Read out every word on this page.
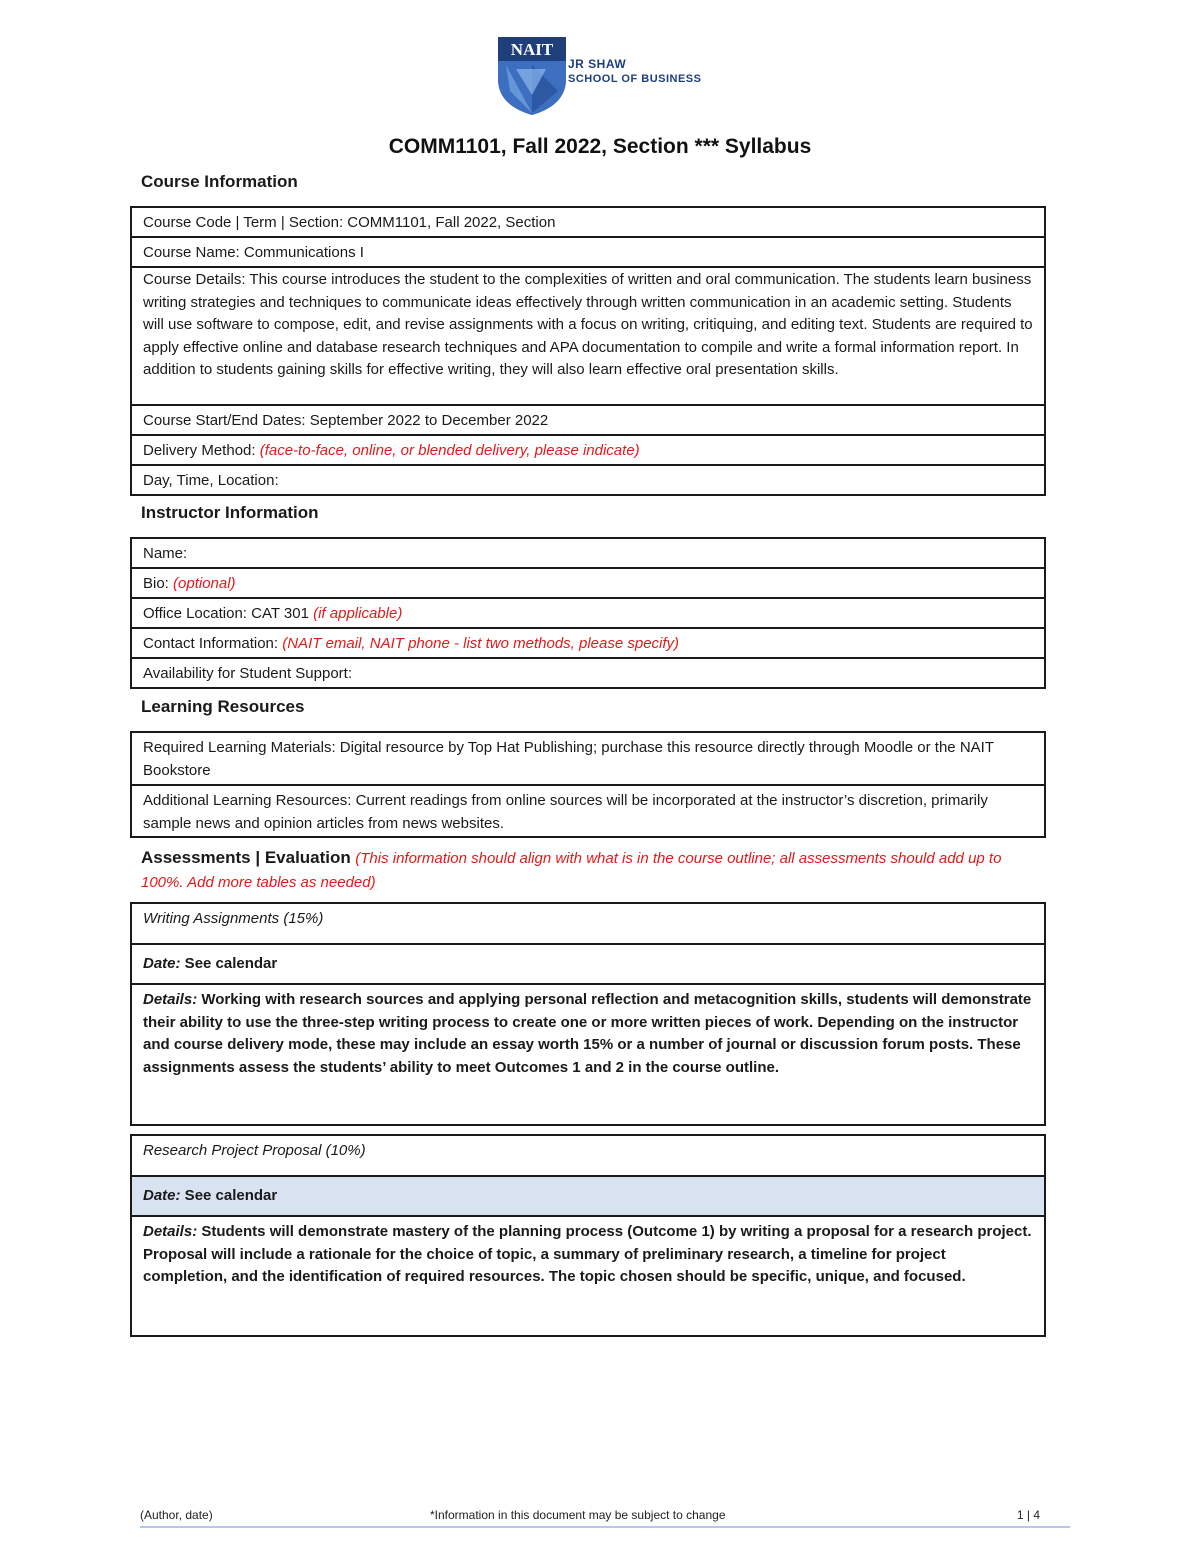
NAIT
JR SHAW
SCHOOL OF BUSINESS
COMM1101, Fall 2022, Section *** Syllabus
Course Information
Course Code | Term | Section: COMM1101, Fall 2022, Section
Course Name: Communications I
Course Details: This course introduces the student to the complexities of written and oral communication. The students learn business writing strategies and techniques to communicate ideas effectively through written communication in an academic setting. Students will use software to compose, edit, and revise assignments with a focus on writing, critiquing, and editing text. Students are required to apply effective online and database research techniques and APA documentation to compile and write a formal information report. In addition to students gaining skills for effective writing, they will also learn effective oral presentation skills.
Course Start/End Dates: September 2022 to December 2022
Delivery Method: (face-to-face, online, or blended delivery, please indicate)
Day, Time, Location:
Instructor Information
Name:
Bio: (optional)
Office Location: CAT 301 (if applicable)
Contact Information: (NAIT email, NAIT phone - list two methods, please specify)
Availability for Student Support:
Learning Resources
Required Learning Materials: Digital resource by Top Hat Publishing; purchase this resource directly through Moodle or the NAIT Bookstore
Additional Learning Resources: Current readings from online sources will be incorporated at the instructor’s discretion, primarily sample news and opinion articles from news websites.
Assessments | Evaluation (This information should align with what is in the course outline; all assessments should add up to 100%. Add more tables as needed)
Writing Assignments (15%)
Date: See calendar
Details: Working with research sources and applying personal reflection and metacognition skills, students will demonstrate their ability to use the three-step writing process to create one or more written pieces of work. Depending on the instructor and course delivery mode, these may include an essay worth 15% or a number of journal or discussion forum posts. These assignments assess the students’ ability to meet Outcomes 1 and 2 in the course outline.
Research Project Proposal (10%)
Date: See calendar
Details: Students will demonstrate mastery of the planning process (Outcome 1) by writing a proposal for a research project. Proposal will include a rationale for the choice of topic, a summary of preliminary research, a timeline for project completion, and the identification of required resources. The topic chosen should be specific, unique, and focused.
(Author, date)	*Information in this document may be subject to change	1 | 4
